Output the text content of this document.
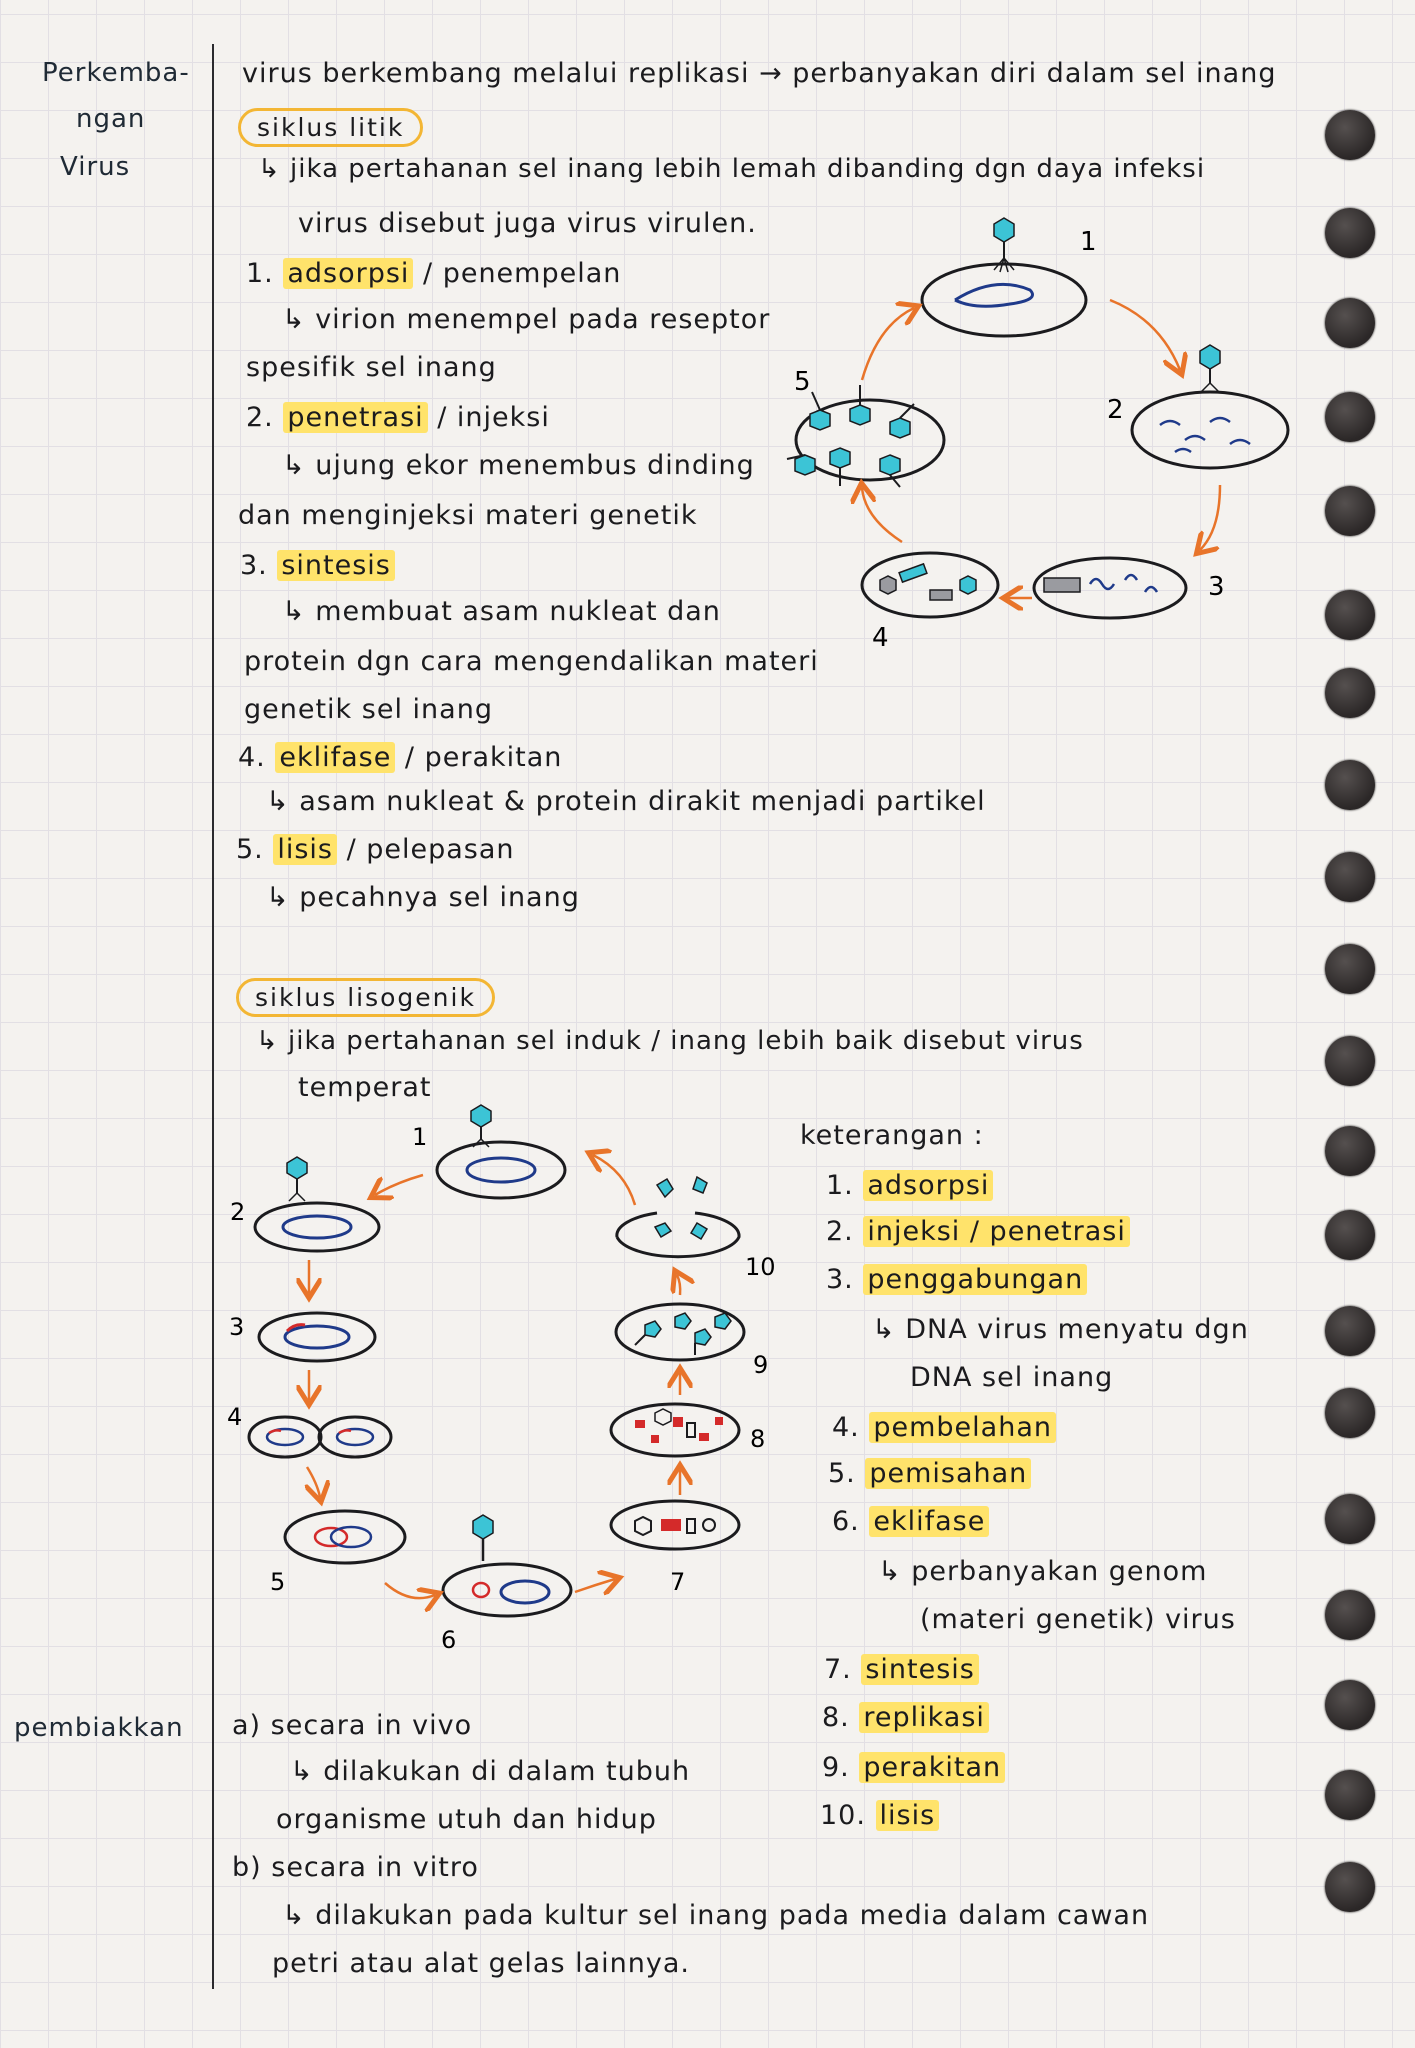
Perkemba-
ngan
Virus
pembiakkan
virus berkembang melalui replikasi → perbanyakan diri dalam sel inang
siklus litik
↳ jika pertahanan sel inang lebih lemah dibanding dgn daya infeksi
virus disebut juga virus virulen.
1. adsorpsi / penempelan
↳ virion menempel pada reseptor
spesifik sel inang
2. penetrasi / injeksi
↳ ujung ekor menembus dinding
dan menginjeksi materi genetik
3. sintesis
↳ membuat asam nukleat dan
protein dgn cara mengendalikan materi
genetik sel inang
4. eklifase / perakitan
↳ asam nukleat & protein dirakit menjadi partikel
5. lisis / pelepasan
↳ pecahnya sel inang
1
2
3
4
5
siklus lisogenik
↳ jika pertahanan sel induk / inang lebih baik disebut virus
temperat
1
2
3
4
5
6
7
8
9
10
keterangan :
1. adsorpsi
2. injeksi / penetrasi
3. penggabungan
↳ DNA virus menyatu dgn
DNA sel inang
4. pembelahan
5. pemisahan
6. eklifase
↳ perbanyakan genom
(materi genetik) virus
7. sintesis
8. replikasi
9. perakitan
10. lisis
a) secara in vivo
↳ dilakukan di dalam tubuh
organisme utuh dan hidup
b) secara in vitro
↳ dilakukan pada kultur sel inang pada media dalam cawan
petri atau alat gelas lainnya.
